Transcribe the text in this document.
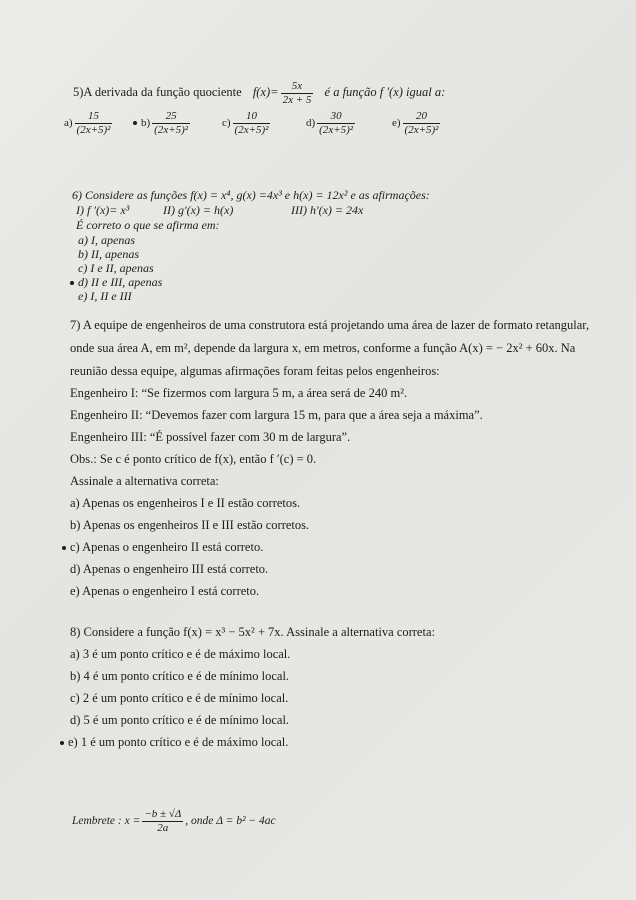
5)A derivada da função quociente $f(x)= \frac{5x}{2x + 5}$ é a função f ′(x) igual a:
$a) \frac{15}{\text{(2x+5)²}}$	$b) \frac{25}{\text{(2x+5)²}}$	$c) \frac{10}{\text{(2x+5)²}}$	$d) \frac{30}{\text{(2x+5)²}}$	$e) \frac{20}{\text{(2x+5)²}}$
6) Considere as funções f(x) = x⁴, g(x) =4x³ e h(x) = 12x² e as afirmações:
I) f ′(x)= x³	II) g′(x) = h(x)	III) h′(x) = 24x
É correto o que se afirma em:
a) I, apenas
b) II, apenas
c) I e II, apenas
d) II e III, apenas
e) I, II e III
7) A equipe de engenheiros de uma construtora está projetando uma área de lazer de formato retangular,
onde sua área A, em m², depende da largura x, em metros, conforme a função A(x) = − 2x² + 60x. Na
reunião dessa equipe, algumas afirmações foram feitas pelos engenheiros:
Engenheiro I: “Se fizermos com largura 5 m, a área será de 240 m².
Engenheiro II: “Devemos fazer com largura 15 m, para que a área seja a máxima”.
Engenheiro III: “É possível fazer com 30 m de largura”.
Obs.: Se c é ponto crítico de f(x), então f ′(c) = 0.
Assinale a alternativa correta:
a) Apenas os engenheiros I e II estão corretos.
b) Apenas os engenheiros II e III estão corretos.
c) Apenas o engenheiro II está correto.
d) Apenas o engenheiro III está correto.
e) Apenas o engenheiro I está correto.
8) Considere a função f(x) = x³ − 5x² + 7x. Assinale a alternativa correta:
a) 3 é um ponto crítico e é de máximo local.
b) 4 é um ponto crítico e é de mínimo local.
c) 2 é um ponto crítico e é de mínimo local.
d) 5 é um ponto crítico e é de mínimo local.
e) 1 é um ponto crítico e é de máximo local.
Lembrete : $x = \frac{-b \pm √\Delta}{2a}$ , onde Δ = b² − 4ac
